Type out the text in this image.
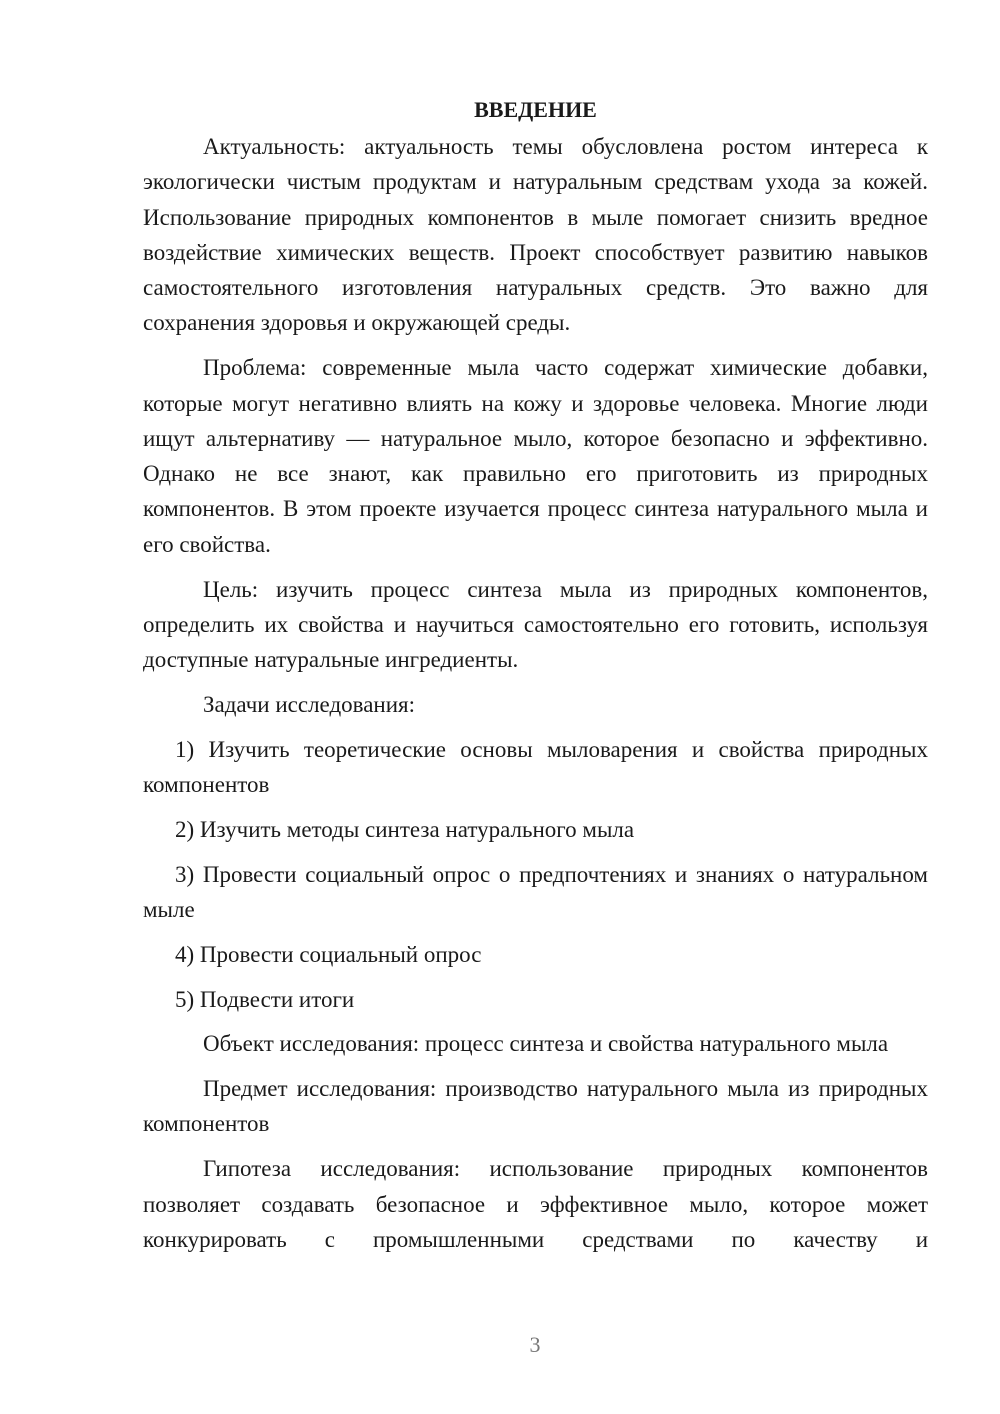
ВВЕДЕНИЕ

Актуальность: актуальность темы обусловлена ростом интереса к экологически чистым продуктам и натуральным средствам ухода за кожей. Использование природных компонентов в мыле помогает снизить вредное воздействие химических веществ. Проект способствует развитию навыков самостоятельного изготовления натуральных средств. Это важно для сохранения здоровья и окружающей среды.

Проблема: современные мыла часто содержат химические добавки, которые могут негативно влиять на кожу и здоровье человека. Многие люди ищут альтернативу — натуральное мыло, которое безопасно и эффективно. Однако не все знают, как правильно его приготовить из природных компонентов. В этом проекте изучается процесс синтеза натурального мыла и его свойства.

Цель: изучить процесс синтеза мыла из природных компонентов, определить их свойства и научиться самостоятельно его готовить, используя доступные натуральные ингредиенты.

Задачи исследования:

1) Изучить теоретические основы мыловарения и свойства природных компонентов

2) Изучить методы синтеза натурального мыла

3) Провести социальный опрос о предпочтениях и знаниях о натуральном мыле

4) Провести социальный опрос

5) Подвести итоги

Объект исследования: процесс синтеза и свойства натурального мыла

Предмет исследования: производство натурального мыла из природных компонентов

Гипотеза исследования: использование природных компонентов позволяет создавать безопасное и эффективное мыло, которое может конкурировать с промышленными средствами по качеству и

3
